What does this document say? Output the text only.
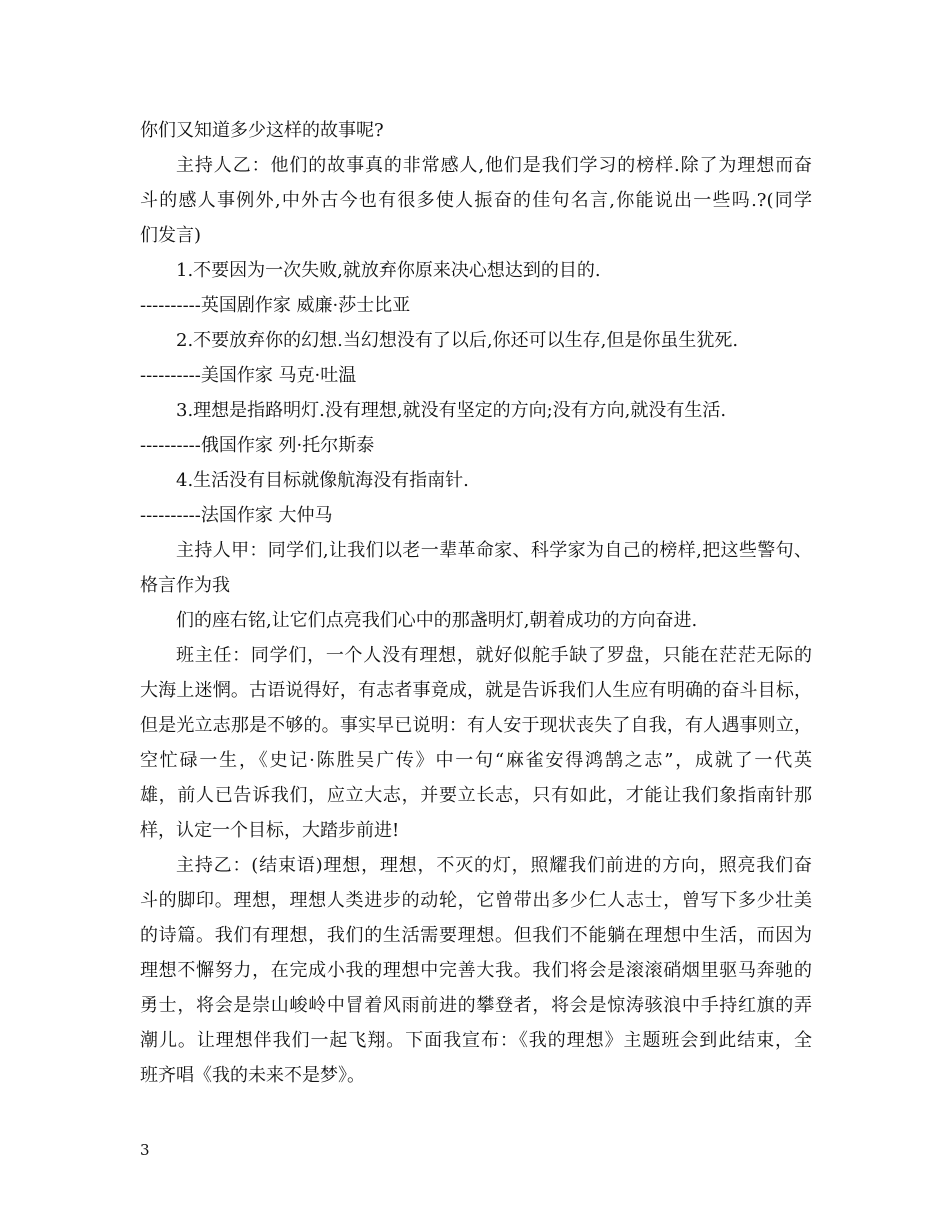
你们又知道多少这样的故事呢?
主持人乙：他们的故事真的非常感人,他们是我们学习的榜样.除了为理想而奋
斗的感人事例外,中外古今也有很多使人振奋的佳句名言,你能说出一些吗.?(同学
们发言)
1.不要因为一次失败,就放弃你原来决心想达到的目的.
----------英国剧作家 威廉·莎士比亚
2.不要放弃你的幻想.当幻想没有了以后,你还可以生存,但是你虽生犹死.
----------美国作家 马克·吐温
3.理想是指路明灯.没有理想,就没有坚定的方向;没有方向,就没有生活.
----------俄国作家 列·托尔斯泰
4.生活没有目标就像航海没有指南针.
----------法国作家 大仲马
主持人甲：同学们,让我们以老一辈革命家、科学家为自己的榜样,把这些警句、
格言作为我
们的座右铭,让它们点亮我们心中的那盏明灯,朝着成功的方向奋进.
班主任：同学们，一个人没有理想，就好似舵手缺了罗盘，只能在茫茫无际的
大海上迷惘。古语说得好，有志者事竟成，就是告诉我们人生应有明确的奋斗目标，
但是光立志那是不够的。事实早已说明：有人安于现状丧失了自我，有人遇事则立，
空忙碌一生，《史记·陈胜吴广传》中一句“麻雀安得鸿鹄之志”，成就了一代英
雄，前人已告诉我们，应立大志，并要立长志，只有如此，才能让我们象指南针那
样，认定一个目标，大踏步前进!
主持乙：(结束语)理想，理想，不灭的灯，照耀我们前进的方向，照亮我们奋
斗的脚印。理想，理想人类进步的动轮，它曾带出多少仁人志士，曾写下多少壮美
的诗篇。我们有理想，我们的生活需要理想。但我们不能躺在理想中生活，而因为
理想不懈努力，在完成小我的理想中完善大我。我们将会是滚滚硝烟里驱马奔驰的
勇士，将会是崇山峻岭中冒着风雨前进的攀登者，将会是惊涛骇浪中手持红旗的弄
潮儿。让理想伴我们一起飞翔。下面我宣布：《我的理想》主题班会到此结束，全
班齐唱《我的未来不是梦》。
3
